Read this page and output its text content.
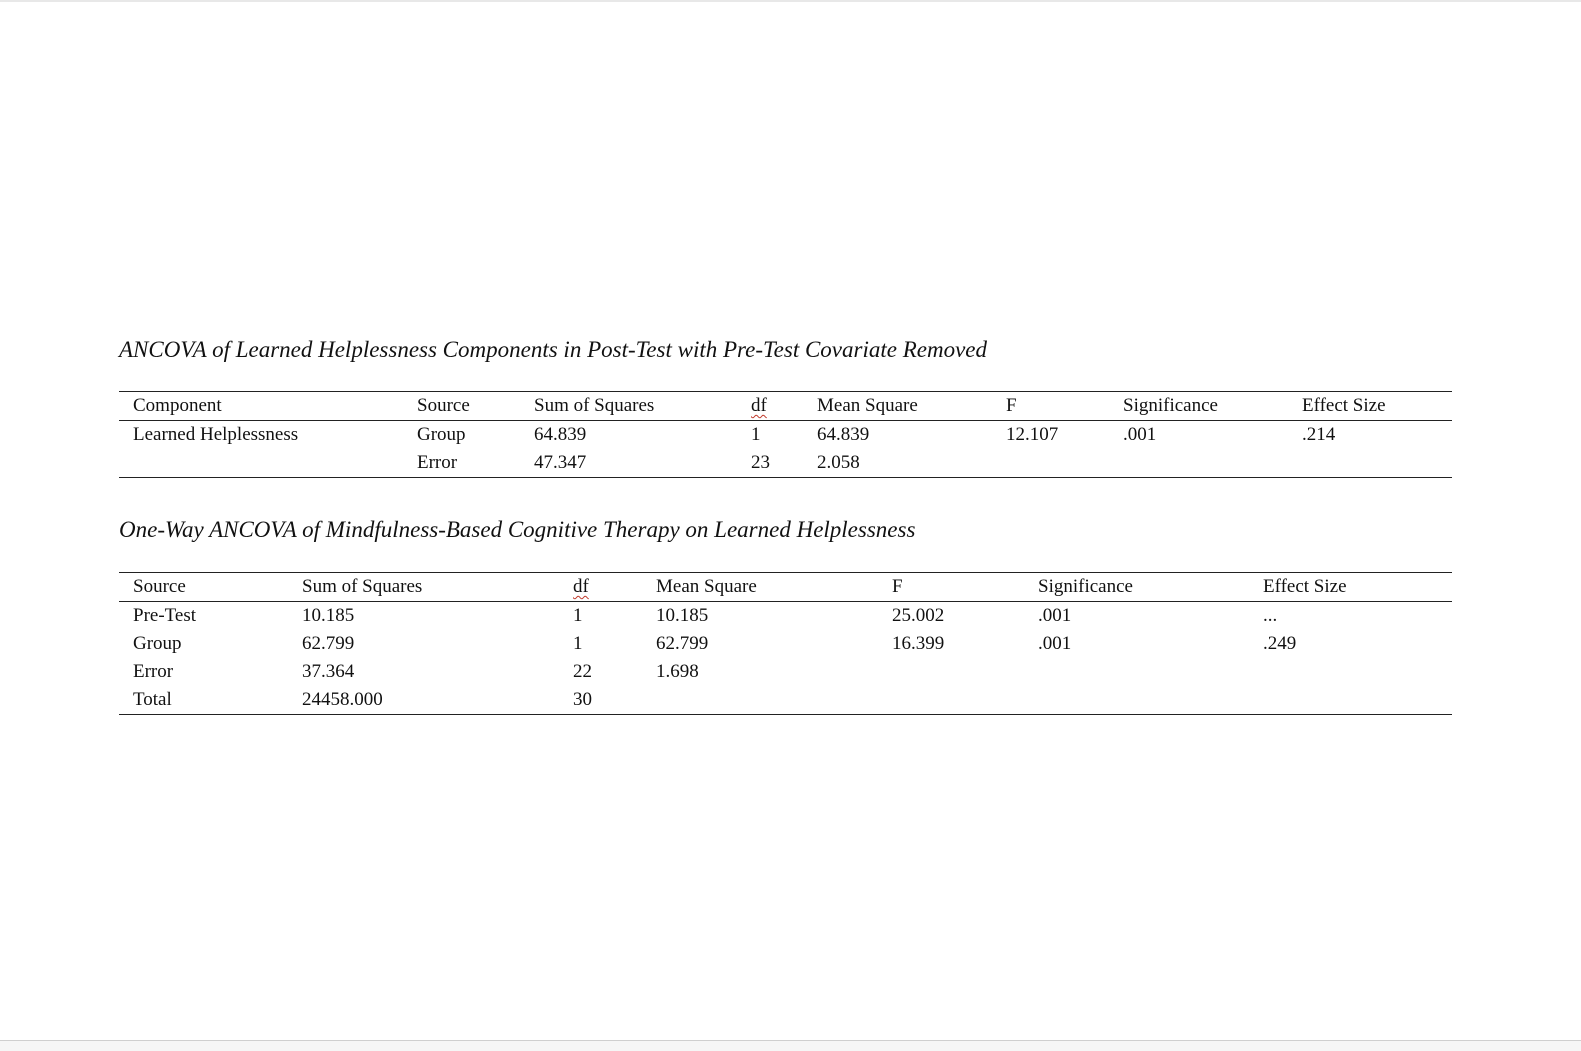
ANCOVA of Learned Helplessness Components in Post-Test with Pre-Test Covariate Removed

Component	Source	Sum of Squares	df	Mean Square	F	Significance	Effect Size
Learned Helplessness	Group	64.839	1	64.839	12.107	.001	.214
	Error	47.347	23	2.058			

One-Way ANCOVA of Mindfulness-Based Cognitive Therapy on Learned Helplessness

Source	Sum of Squares	df	Mean Square	F	Significance	Effect Size
Pre-Test	10.185	1	10.185	25.002	.001	...
Group	62.799	1	62.799	16.399	.001	.249
Error	37.364	22	1.698			
Total	24458.000	30				
